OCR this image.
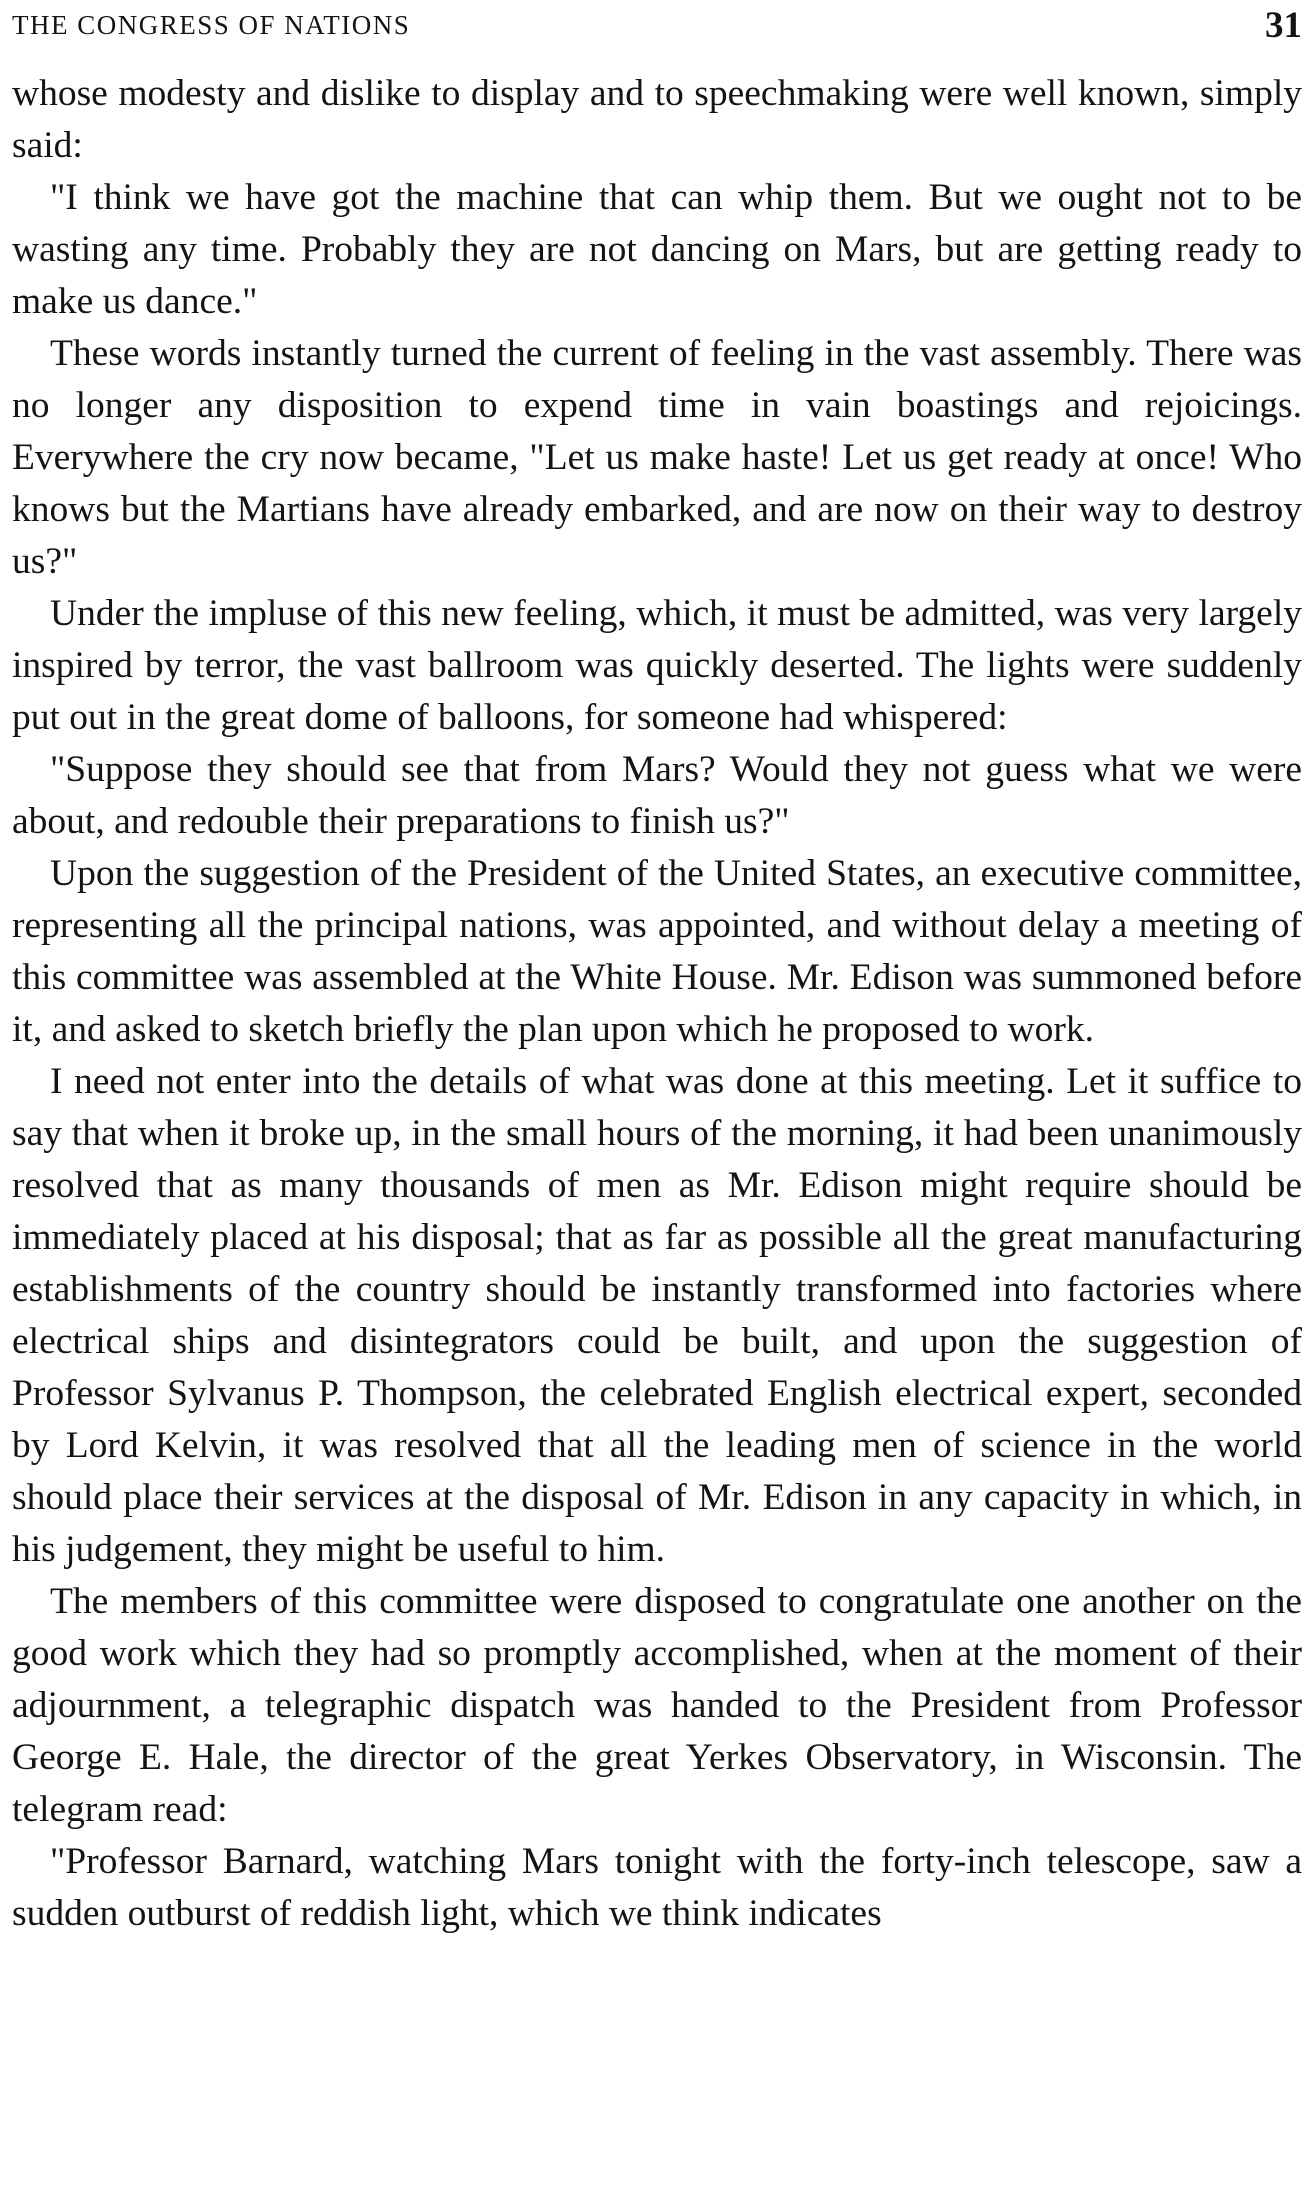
THE CONGRESS OF NATIONS	31

whose modesty and dislike to display and to speechmaking were well known, simply said:

"I think we have got the machine that can whip them. But we ought not to be wasting any time. Probably they are not dancing on Mars, but are getting ready to make us dance."

These words instantly turned the current of feeling in the vast assembly. There was no longer any disposition to expend time in vain boastings and rejoicings. Everywhere the cry now became, "Let us make haste! Let us get ready at once! Who knows but the Martians have already embarked, and are now on their way to destroy us?"

Under the impluse of this new feeling, which, it must be admitted, was very largely inspired by terror, the vast ballroom was quickly deserted. The lights were suddenly put out in the great dome of balloons, for someone had whispered:

"Suppose they should see that from Mars? Would they not guess what we were about, and redouble their preparations to finish us?"

Upon the suggestion of the President of the United States, an executive committee, representing all the principal nations, was appointed, and without delay a meeting of this committee was assembled at the White House. Mr. Edison was summoned before it, and asked to sketch briefly the plan upon which he proposed to work.

I need not enter into the details of what was done at this meeting. Let it suffice to say that when it broke up, in the small hours of the morning, it had been unanimously resolved that as many thousands of men as Mr. Edison might require should be immediately placed at his disposal; that as far as possible all the great manufacturing establishments of the country should be instantly transformed into factories where electrical ships and disintegrators could be built, and upon the suggestion of Professor Sylvanus P. Thompson, the celebrated English electrical expert, seconded by Lord Kelvin, it was resolved that all the leading men of science in the world should place their services at the disposal of Mr. Edison in any capacity in which, in his judgement, they might be useful to him.

The members of this committee were disposed to congratulate one another on the good work which they had so promptly accomplished, when at the moment of their adjournment, a telegraphic dispatch was handed to the President from Professor George E. Hale, the director of the great Yerkes Observatory, in Wisconsin. The telegram read:

"Professor Barnard, watching Mars tonight with the forty-inch telescope, saw a sudden outburst of reddish light, which we think indicates
